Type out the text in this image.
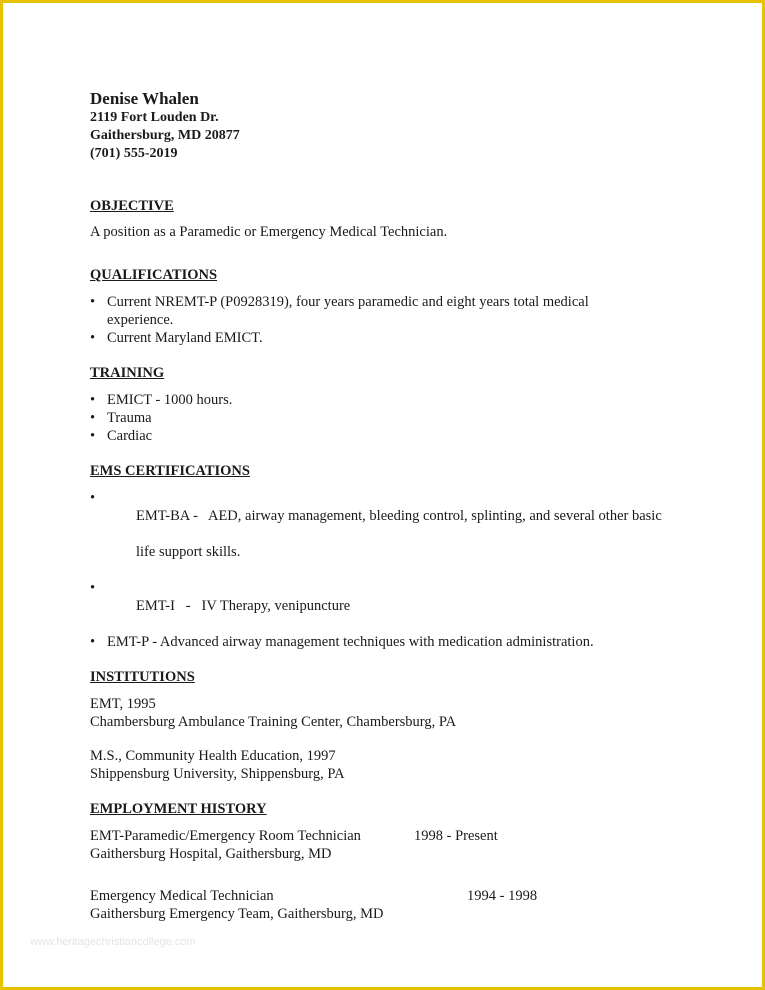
Denise Whalen
2119 Fort Louden Dr.
Gaithersburg, MD 20877
(701) 555-2019
OBJECTIVE
A position as a Paramedic or Emergency Medical Technician.
QUALIFICATIONS
• Current NREMT-P (P0928319), four years paramedic and eight years total medical
experience.
• Current Maryland EMICT.
TRAINING
• EMICT - 1000 hours.
• Trauma
• Cardiac
EMS CERTIFICATIONS

• EMT-BA -   AED, airway management, bleeding control, splinting, and several other basic

life support skills.

• EMT-I   -   IV Therapy, venipuncture

• EMT-P - Advanced airway management techniques with medication administration.
INSTITUTIONS
EMT, 1995
Chambersburg Ambulance Training Center, Chambersburg, PA
M.S., Community Health Education, 1997
Shippensburg University, Shippensburg, PA
EMPLOYMENT HISTORY
EMT-Paramedic/Emergency Room Technician	1998 - Present
Gaithersburg Hospital, Gaithersburg, MD
Emergency Medical Technician	1994 - 1998
Gaithersburg Emergency Team, Gaithersburg, MD
www.heritagechristiancollege.com
